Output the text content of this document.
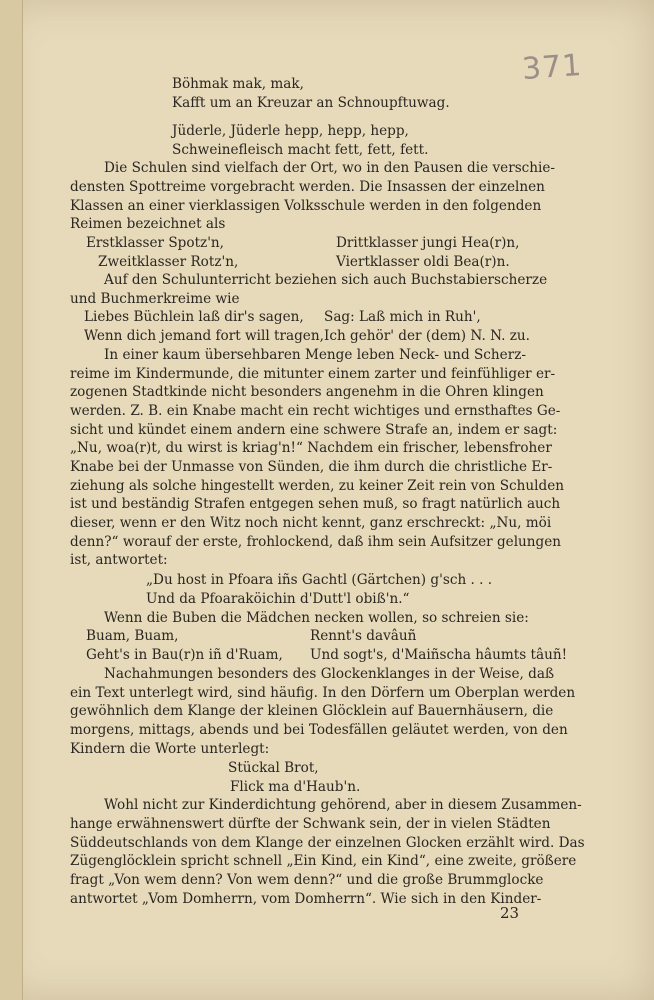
371
Böhmak mak, mak,
Kafft um an Kreuzar an Schnoupftuwag.
Jüderle, Jüderle hepp, hepp, hepp,
Schweinefleisch macht fett, fett, fett.
Die Schulen sind vielfach der Ort, wo in den Pausen die verschie-
densten Spottreime vorgebracht werden. Die Insassen der einzelnen
Klassen an einer vierklassigen Volksschule werden in den folgenden
Reimen bezeichnet als
Erstklasser Spotz'n,	Drittklasser jungi Hea(r)n,
Zweitklasser Rotz'n,	Viertklasser oldi Bea(r)n.
Auf den Schulunterricht beziehen sich auch Buchstabierscherze
und Buchmerkreime wie
Liebes Büchlein laß dir's sagen, Sag: Laß mich in Ruh',
Wenn dich jemand fort will tragen, Ich gehör' der (dem) N. N. zu.
In einer kaum übersehbaren Menge leben Neck- und Scherz-
reime im Kindermunde, die mitunter einem zarter und feinfühliger er-
zogenen Stadtkinde nicht besonders angenehm in die Ohren klingen
werden. Z. B. ein Knabe macht ein recht wichtiges und ernsthaftes Ge-
sicht und kündet einem andern eine schwere Strafe an, indem er sagt:
„Nu, woa(r)t, du wirst is kriag'n!“ Nachdem ein frischer, lebensfroher
Knabe bei der Unmasse von Sünden, die ihm durch die christliche Er-
ziehung als solche hingestellt werden, zu keiner Zeit rein von Schulden
ist und beständig Strafen entgegen sehen muß, so fragt natürlich auch
dieser, wenn er den Witz noch nicht kennt, ganz erschreckt: „Nu, möi
denn?“ worauf der erste, frohlockend, daß ihm sein Aufsitzer gelungen
ist, antwortet:
„Du host in Pfoara iñs Gachtl (Gärtchen) g'sch . . .
Und da Pfoaraköichin d'Dutt'l obiß'n.“
Wenn die Buben die Mädchen necken wollen, so schreien sie:
Buam, Buam,	Rennt's davâuñ
Geht's in Bau(r)n iñ d'Ruam, Und sogt's, d'Maiñscha hâumts tâuñ!
Nachahmungen besonders des Glockenklanges in der Weise, daß
ein Text unterlegt wird, sind häufig. In den Dörfern um Oberplan werden
gewöhnlich dem Klange der kleinen Glöcklein auf Bauernhäusern, die
morgens, mittags, abends und bei Todesfällen geläutet werden, von den
Kindern die Worte unterlegt:
Stückal Brot,
Flick ma d'Haub'n.
Wohl nicht zur Kinderdichtung gehörend, aber in diesem Zusammen-
hange erwähnenswert dürfte der Schwank sein, der in vielen Städten
Süddeutschlands von dem Klange der einzelnen Glocken erzählt wird. Das
Zügenglöcklein spricht schnell „Ein Kind, ein Kind“, eine zweite, größere
fragt „Von wem denn? Von wem denn?“ und die große Brummglocke
antwortet „Vom Domherrn, vom Domherrn“. Wie sich in den Kinder-
23
